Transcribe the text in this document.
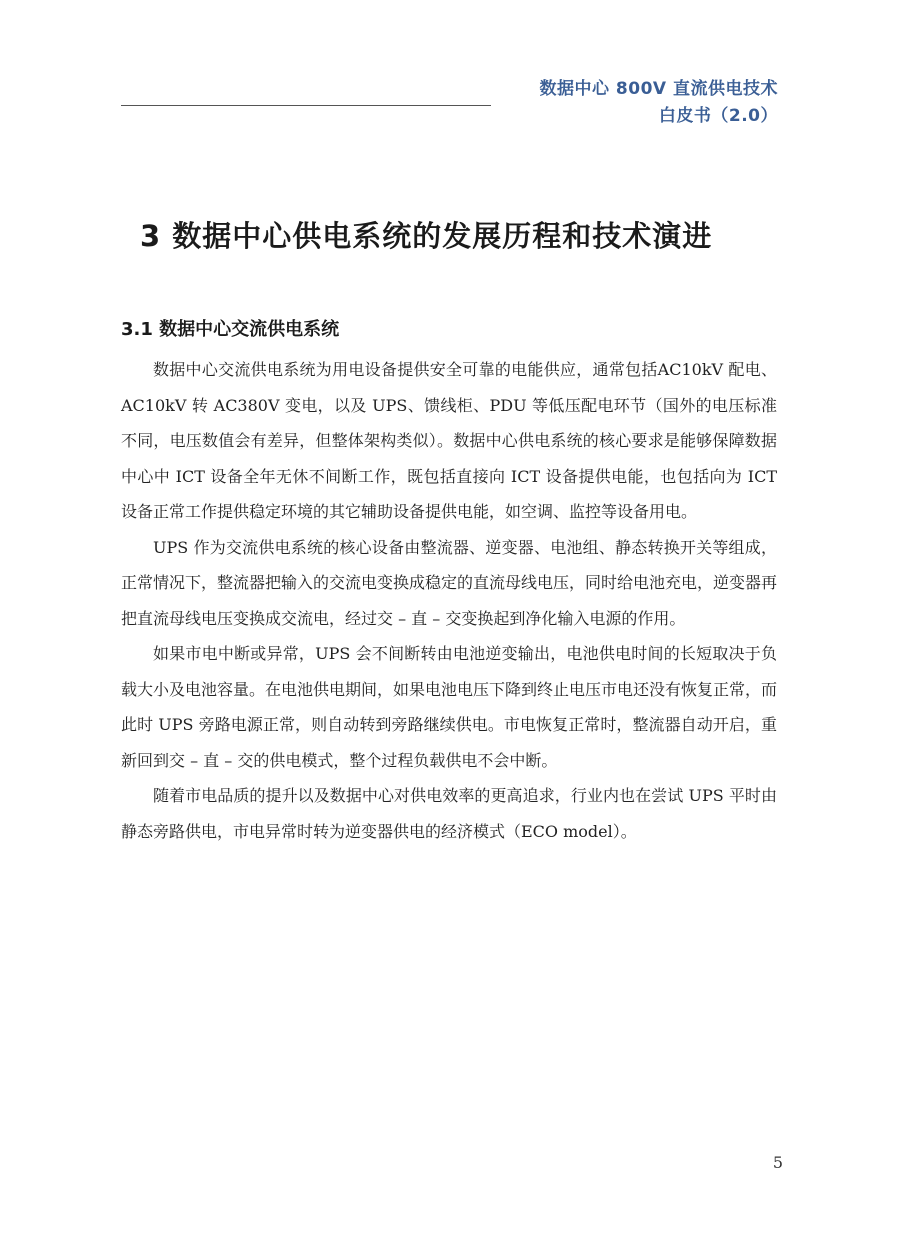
数据中心 800V 直流供电技术
白皮书（2.0）
3 数据中心供电系统的发展历程和技术演进
3.1 数据中心交流供电系统

数据中心交流供电系统为用电设备提供安全可靠的电能供应，通常包括AC10kV 配电、AC10kV 转 AC380V 变电，以及 UPS、馈线柜、PDU 等低压配电环节（国外的电压标准不同，电压数值会有差异，但整体架构类似）。数据中心供电系统的核心要求是能够保障数据中心中 ICT 设备全年无休不间断工作，既包括直接向 ICT 设备提供电能，也包括向为 ICT 设备正常工作提供稳定环境的其它辅助设备提供电能，如空调、监控等设备用电。

UPS 作为交流供电系统的核心设备由整流器、逆变器、电池组、静态转换开关等组成，正常情况下，整流器把输入的交流电变换成稳定的直流母线电压，同时给电池充电，逆变器再把直流母线电压变换成交流电，经过交 – 直 – 交变换起到净化输入电源的作用。

如果市电中断或异常，UPS 会不间断转由电池逆变输出，电池供电时间的长短取决于负载大小及电池容量。在电池供电期间，如果电池电压下降到终止电压市电还没有恢复正常，而此时 UPS 旁路电源正常，则自动转到旁路继续供电。市电恢复正常时，整流器自动开启，重新回到交 – 直 – 交的供电模式，整个过程负载供电不会中断。

随着市电品质的提升以及数据中心对供电效率的更高追求，行业内也在尝试 UPS 平时由静态旁路供电，市电异常时转为逆变器供电的经济模式（ECO model）。

5
